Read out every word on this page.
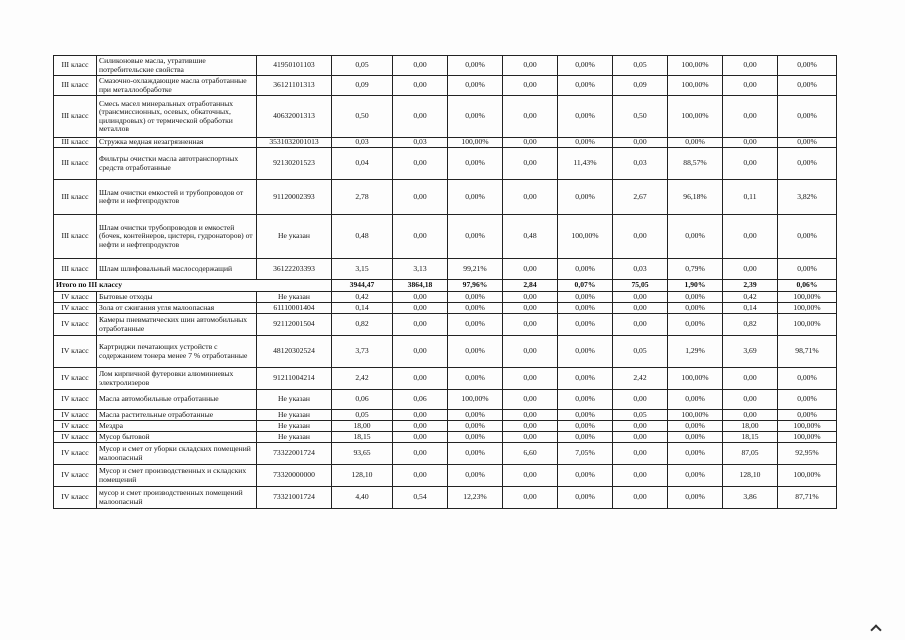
III класс	Силиконовые масла, утратившие потребительские свойства	41950101103	0,05	0,00	0,00%	0,00	0,00%	0,05	100,00%	0,00	0,00%
III класс	Смазочно-охлаждающие масла отработанные при металлообработке	36121101313	0,09	0,00	0,00%	0,00	0,00%	0,09	100,00%	0,00	0,00%
III класс	Смесь масел минеральных отработанных (трансмиссионных, осевых, обкаточных, цилиндровых) от термической обработки металлов	40632001313	0,50	0,00	0,00%	0,00	0,00%	0,50	100,00%	0,00	0,00%
III класс	Стружка медная незагрязненная	3531032001013	0,03	0,03	100,00%	0,00	0,00%	0,00	0,00%	0,00	0,00%
III класс	Фильтры очистки масла автотранспортных средств отработанные	92130201523	0,04	0,00	0,00%	0,00	11,43%	0,03	88,57%	0,00	0,00%
III класс	Шлам очистки емкостей и трубопроводов от нефти и нефтепродуктов	91120002393	2,78	0,00	0,00%	0,00	0,00%	2,67	96,18%	0,11	3,82%
III класс	Шлам очистки трубопроводов и емкостей (бочек, контейнеров, цистерн, гудронаторов) от нефти и нефтепродуктов	Не указан	0,48	0,00	0,00%	0,48	100,00%	0,00	0,00%	0,00	0,00%
III класс	Шлам шлифовальный маслосодержащий	36122203393	3,15	3,13	99,21%	0,00	0,00%	0,03	0,79%	0,00	0,00%
Итого по III классу			3944,47	3864,18	97,96%	2,84	0,07%	75,05	1,90%	2,39	0,06%
IV класс	Бытовые отходы	Не указан	0,42	0,00	0,00%	0,00	0,00%	0,00	0,00%	0,42	100,00%
IV класс	Зола от сжигания угля малоопасная	61110001404	0,14	0,00	0,00%	0,00	0,00%	0,00	0,00%	0,14	100,00%
IV класс	Камеры пневматических шин автомобильных отработанные	92112001504	0,82	0,00	0,00%	0,00	0,00%	0,00	0,00%	0,82	100,00%
IV класс	Картриджи печатающих устройств с содержанием тонера менее 7 % отработанные	48120302524	3,73	0,00	0,00%	0,00	0,00%	0,05	1,29%	3,69	98,71%
IV класс	Лом кирпичной футеровки алюминиевых электролизеров	91211004214	2,42	0,00	0,00%	0,00	0,00%	2,42	100,00%	0,00	0,00%
IV класс	Масла автомобильные отработанные	Не указан	0,06	0,06	100,00%	0,00	0,00%	0,00	0,00%	0,00	0,00%
IV класс	Масла растительные отработанные	Не указан	0,05	0,00	0,00%	0,00	0,00%	0,05	100,00%	0,00	0,00%
IV класс	Мездра	Не указан	18,00	0,00	0,00%	0,00	0,00%	0,00	0,00%	18,00	100,00%
IV класс	Мусор бытовой	Не указан	18,15	0,00	0,00%	0,00	0,00%	0,00	0,00%	18,15	100,00%
IV класс	Мусор и смет от уборки складских помещений малоопасный	73322001724	93,65	0,00	0,00%	6,60	7,05%	0,00	0,00%	87,05	92,95%
IV класс	Мусор и смет производственных и складских помещений	73320000000	128,10	0,00	0,00%	0,00	0,00%	0,00	0,00%	128,10	100,00%
IV класс	мусор и смет производственных помещений малоопасный	73321001724	4,40	0,54	12,23%	0,00	0,00%	0,00	0,00%	3,86	87,71%
